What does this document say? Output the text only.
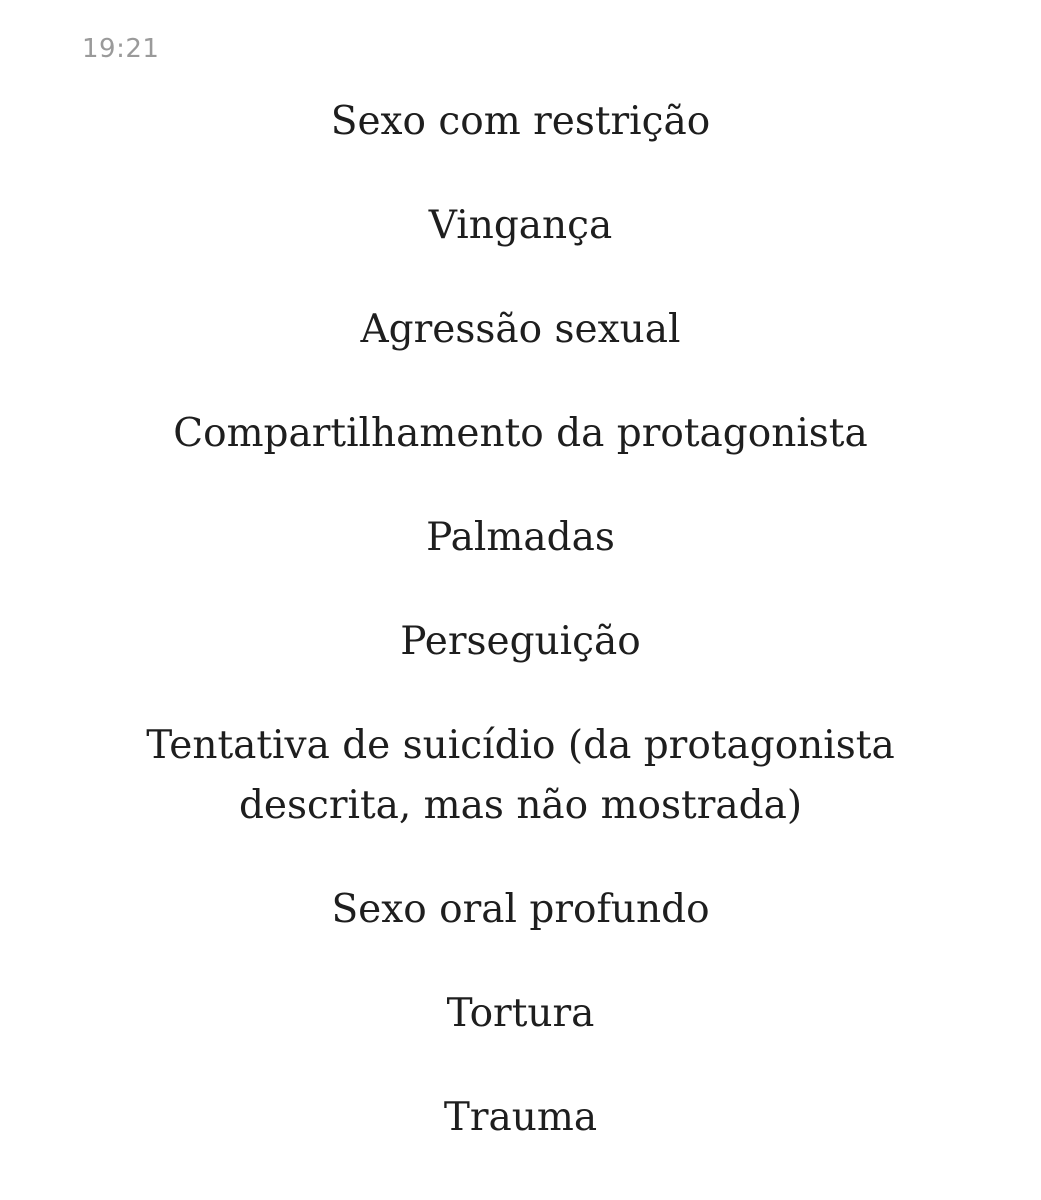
19:21
Sexo com restrição
Vingança
Agressão sexual
Compartilhamento da protagonista
Palmadas
Perseguição
Tentativa de suicídio (da protagonista
descrita, mas não mostrada)
Sexo oral profundo
Tortura
Trauma
